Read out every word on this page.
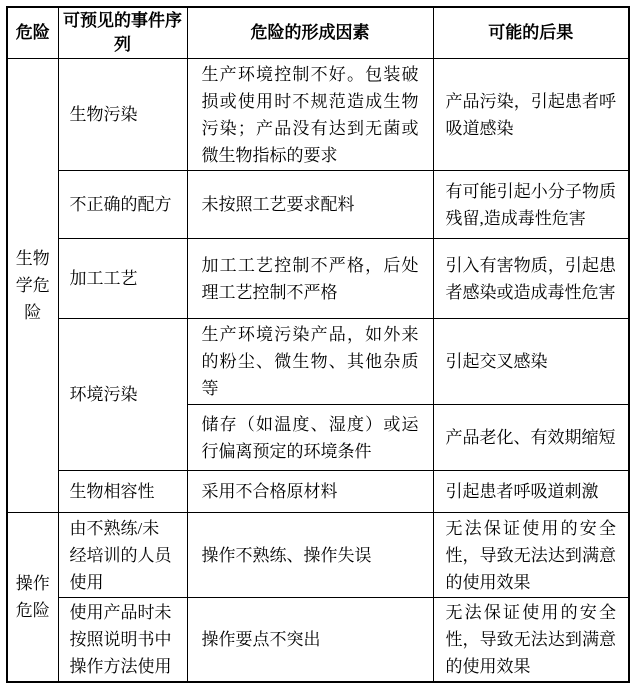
危险	可预见的事件序列	危险的形成因素	可能的后果
生物学危险	生物污染	生产环境控制不好。包装破损或使用时不规范造成生物污染；产品没有达到无菌或微生物指标的要求	产品污染，引起患者呼吸道感染
	不正确的配方	未按照工艺要求配料	有可能引起小分子物质残留,造成毒性危害
	加工工艺	加工工艺控制不严格，后处理工艺控制不严格	引入有害物质，引起患者感染或造成毒性危害
	环境污染	生产环境污染产品，如外来的粉尘、微生物、其他杂质等	引起交叉感染
		储存（如温度、湿度）或运行偏离预定的环境条件	产品老化、有效期缩短
	生物相容性	采用不合格原材料	引起患者呼吸道刺激
操作危险	由不熟练/未经培训的人员使用	操作不熟练、操作失误	无法保证使用的安全性，导致无法达到满意的使用效果
	使用产品时未按照说明书中操作方法使用	操作要点不突出	无法保证使用的安全性，导致无法达到满意的使用效果
